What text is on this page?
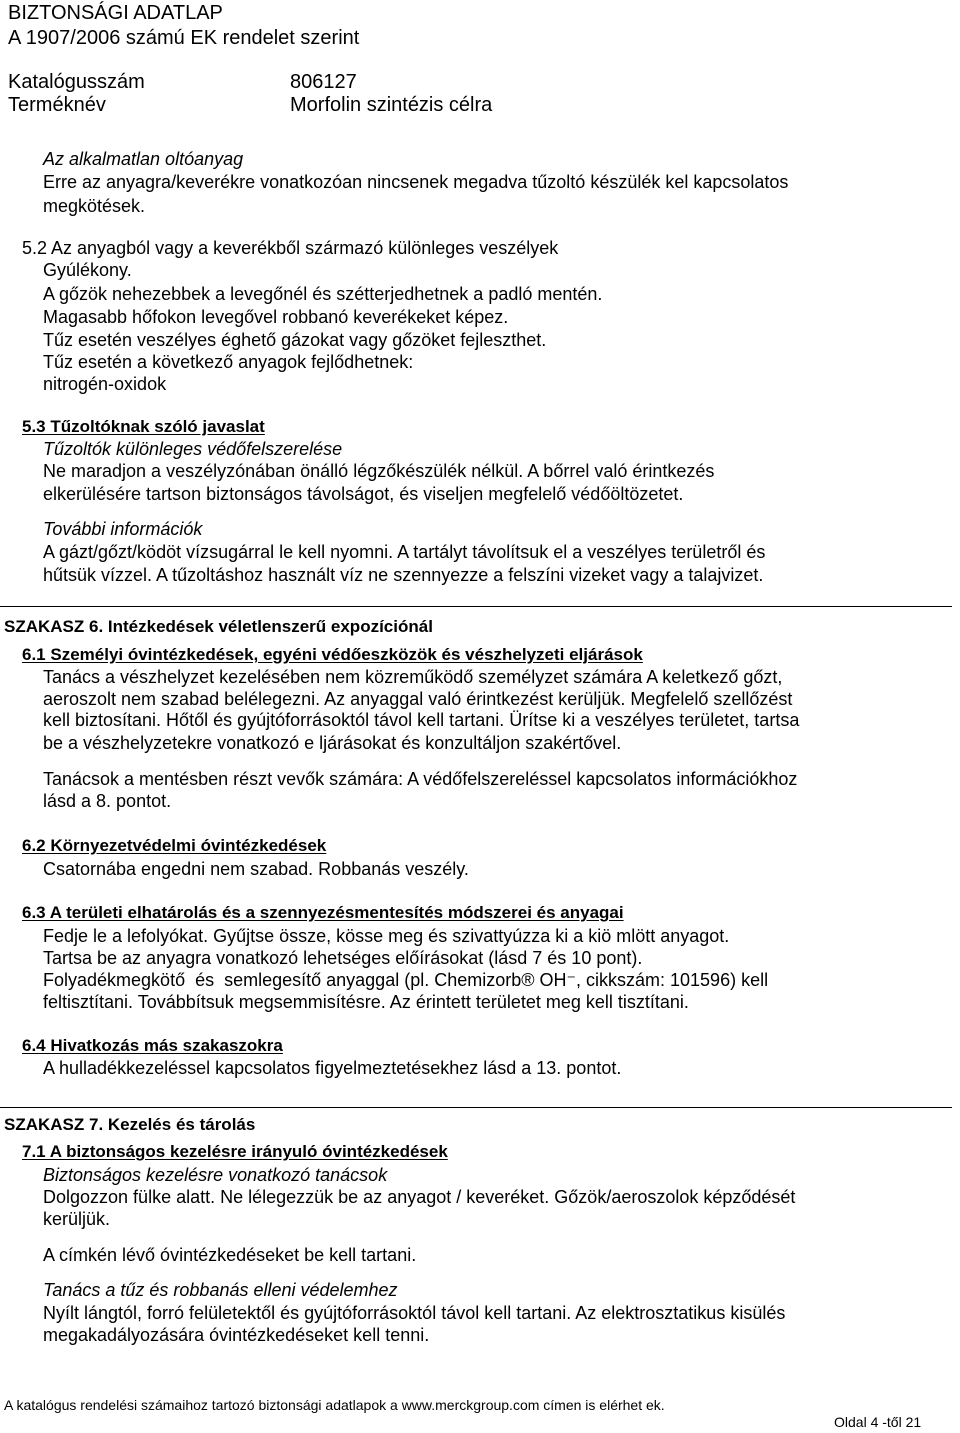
BIZTONSÁGI ADATLAP
A 1907/2006 számú EK rendelet szerint
Katalógusszám	806127
Terméknév	Morfolin szintézis célra
Az alkalmatlan oltóanyag
Erre az anyagra/keverékre vonatkozóan nincsenek megadva tűzoltó készülék kel kapcsolatos
megkötések.
5.2 Az anyagból vagy a keverékből származó különleges veszélyek
Gyúlékony.
A gőzök nehezebbek a levegőnél és szétterjedhetnek a padló mentén.
Magasabb hőfokon levegővel robbanó keverékeket képez.
Tűz esetén veszélyes éghető gázokat vagy gőzöket fejleszthet.
Tűz esetén a következő anyagok fejlődhetnek:
nitrogén-oxidok
5.3 Tűzoltóknak szóló javaslat
Tűzoltók különleges védőfelszerelése
Ne maradjon a veszélyzónában önálló légzőkészülék nélkül. A bőrrel való érintkezés
elkerülésére tartson biztonságos távolságot, és viseljen megfelelő védőöltözetet.
További információk
A gázt/gőzt/ködöt vízsugárral le kell nyomni. A tartályt távolítsuk el a veszélyes területről és
hűtsük vízzel. A tűzoltáshoz használt víz ne szennyezze a felszíni vizeket vagy a talajvizet.
SZAKASZ 6. Intézkedések véletlenszerű expozíciónál
6.1 Személyi óvintézkedések, egyéni védőeszközök és vészhelyzeti eljárások
Tanács a vészhelyzet kezelésében nem közreműködő személyzet számára A keletkező gőzt,
aeroszolt nem szabad belélegezni. Az anyaggal való érintkezést kerüljük. Megfelelő szellőzést
kell biztosítani. Hőtől és gyújtóforrásoktól távol kell tartani. Ürítse ki a veszélyes területet, tartsa
be a vészhelyzetekre vonatkozó e ljárásokat és konzultáljon szakértővel.
Tanácsok a mentésben részt vevők számára: A védőfelszereléssel kapcsolatos információkhoz
lásd a 8. pontot.
6.2 Környezetvédelmi óvintézkedések
Csatornába engedni nem szabad. Robbanás veszély.
6.3 A területi elhatárolás és a szennyezésmentesítés módszerei és anyagai
Fedje le a lefolyókat. Gyűjtse össze, kösse meg és szivattyúzza ki a kiö mlött anyagot.
Tartsa be az anyagra vonatkozó lehetséges előírásokat (lásd 7 és 10 pont).
Folyadékmegkötő  és  semlegesítő anyaggal (pl. Chemizorb® OH⁻, cikkszám: 101596) kell
feltisztítani. Továbbítsuk megsemmisítésre. Az érintett területet meg kell tisztítani.
6.4 Hivatkozás más szakaszokra
A hulladékkezeléssel kapcsolatos figyelmeztetésekhez lásd a 13. pontot.
SZAKASZ 7. Kezelés és tárolás
7.1 A biztonságos kezelésre irányuló óvintézkedések
Biztonságos kezelésre vonatkozó tanácsok
Dolgozzon fülke alatt. Ne lélegezzük be az anyagot / keveréket. Gőzök/aeroszolok képződését
kerüljük.
A címkén lévő óvintézkedéseket be kell tartani.
Tanács a tűz és robbanás elleni védelemhez
Nyílt lángtól, forró felületektől és gyújtóforrásoktól távol kell tartani. Az elektrosztatikus kisülés
megakadályozására óvintézkedéseket kell tenni.
A katalógus rendelési számaihoz tartozó biztonsági adatlapok a www.merckgroup.com címen is elérhet ek.
Oldal 4 -től 21
